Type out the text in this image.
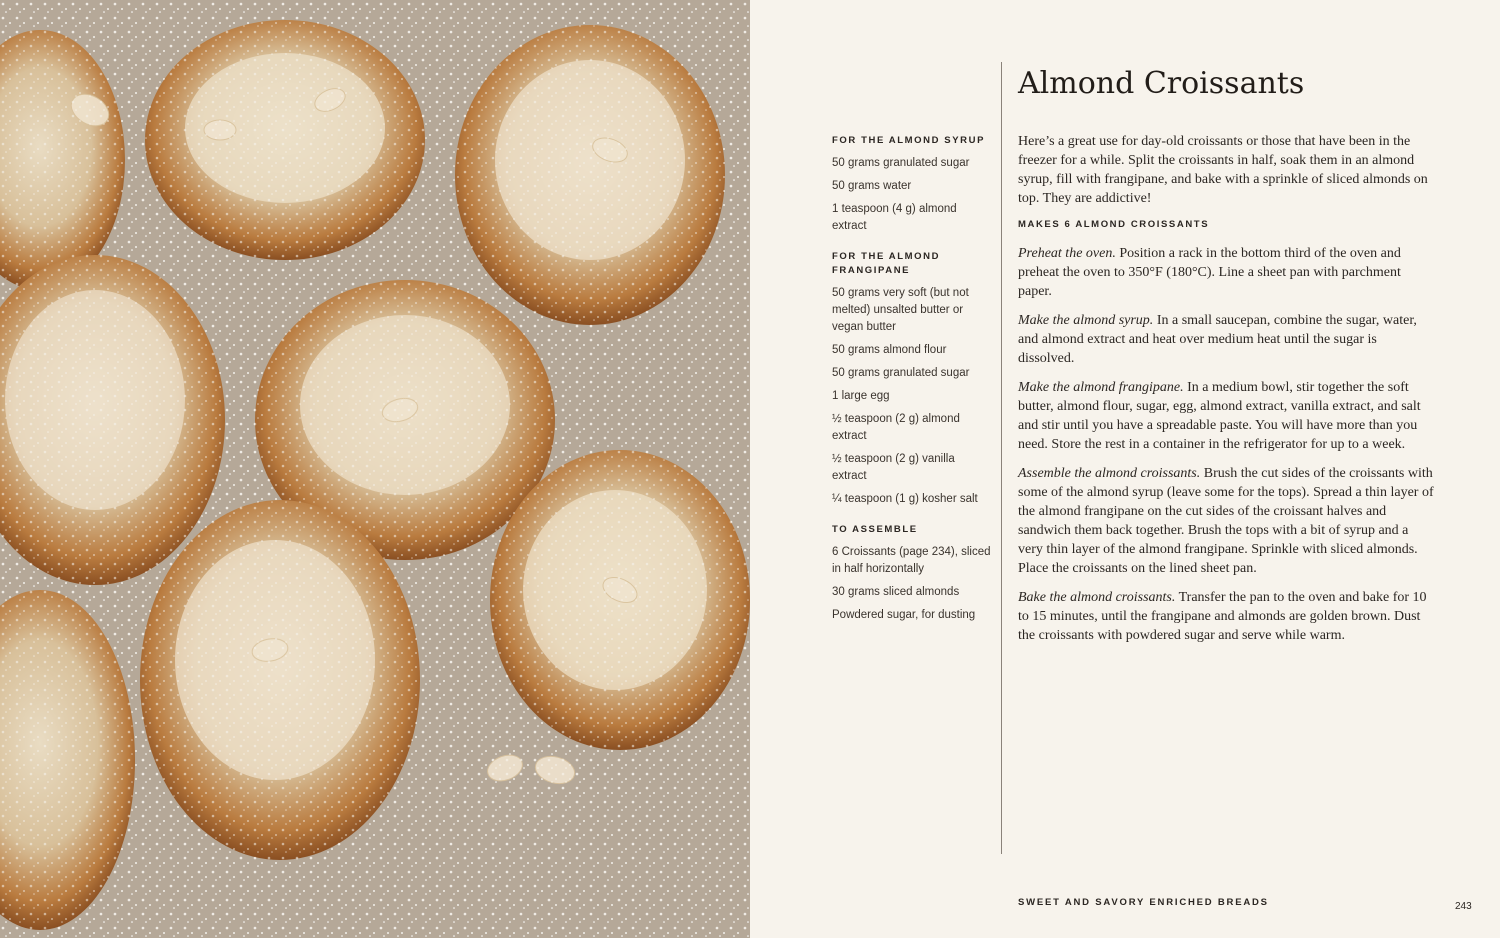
FOR THE ALMOND SYRUP
50 grams granulated sugar
50 grams water
1 teaspoon (4 g) almond extract
FOR THE ALMOND FRANGIPANE
50 grams very soft (but not melted) unsalted butter or vegan butter
50 grams almond flour
50 grams granulated sugar
1 large egg
½ teaspoon (2 g) almond extract
½ teaspoon (2 g) vanilla extract
¼ teaspoon (1 g) kosher salt
TO ASSEMBLE
6 Croissants (page 234), sliced in half horizontally
30 grams sliced almonds
Powdered sugar, for dusting
Almond Croissants

Here’s a great use for day-old croissants or those that have been in the freezer for a while. Split the croissants in half, soak them in an almond syrup, fill with frangipane, and bake with a sprinkle of sliced almonds on top. They are addictive!

MAKES 6 ALMOND CROISSANTS

Preheat the oven. Position a rack in the bottom third of the oven and preheat the oven to 350°F (180°C). Line a sheet pan with parchment paper.

Make the almond syrup. In a small saucepan, combine the sugar, water, and almond extract and heat over medium heat until the sugar is dissolved.

Make the almond frangipane. In a medium bowl, stir together the soft butter, almond flour, sugar, egg, almond extract, vanilla extract, and salt and stir until you have a spreadable paste. You will have more than you need. Store the rest in a container in the refrigerator for up to a week.

Assemble the almond croissants. Brush the cut sides of the croissants with some of the almond syrup (leave some for the tops). Spread a thin layer of the almond frangipane on the cut sides of the croissant halves and sandwich them back together. Brush the tops with a bit of syrup and a very thin layer of the almond frangipane. Sprinkle with sliced almonds. Place the croissants on the lined sheet pan.

Bake the almond croissants. Transfer the pan to the oven and bake for 10 to 15 minutes, until the frangipane and almonds are golden brown. Dust the croissants with powdered sugar and serve while warm.

SWEET AND SAVORY ENRICHED BREADS	243
